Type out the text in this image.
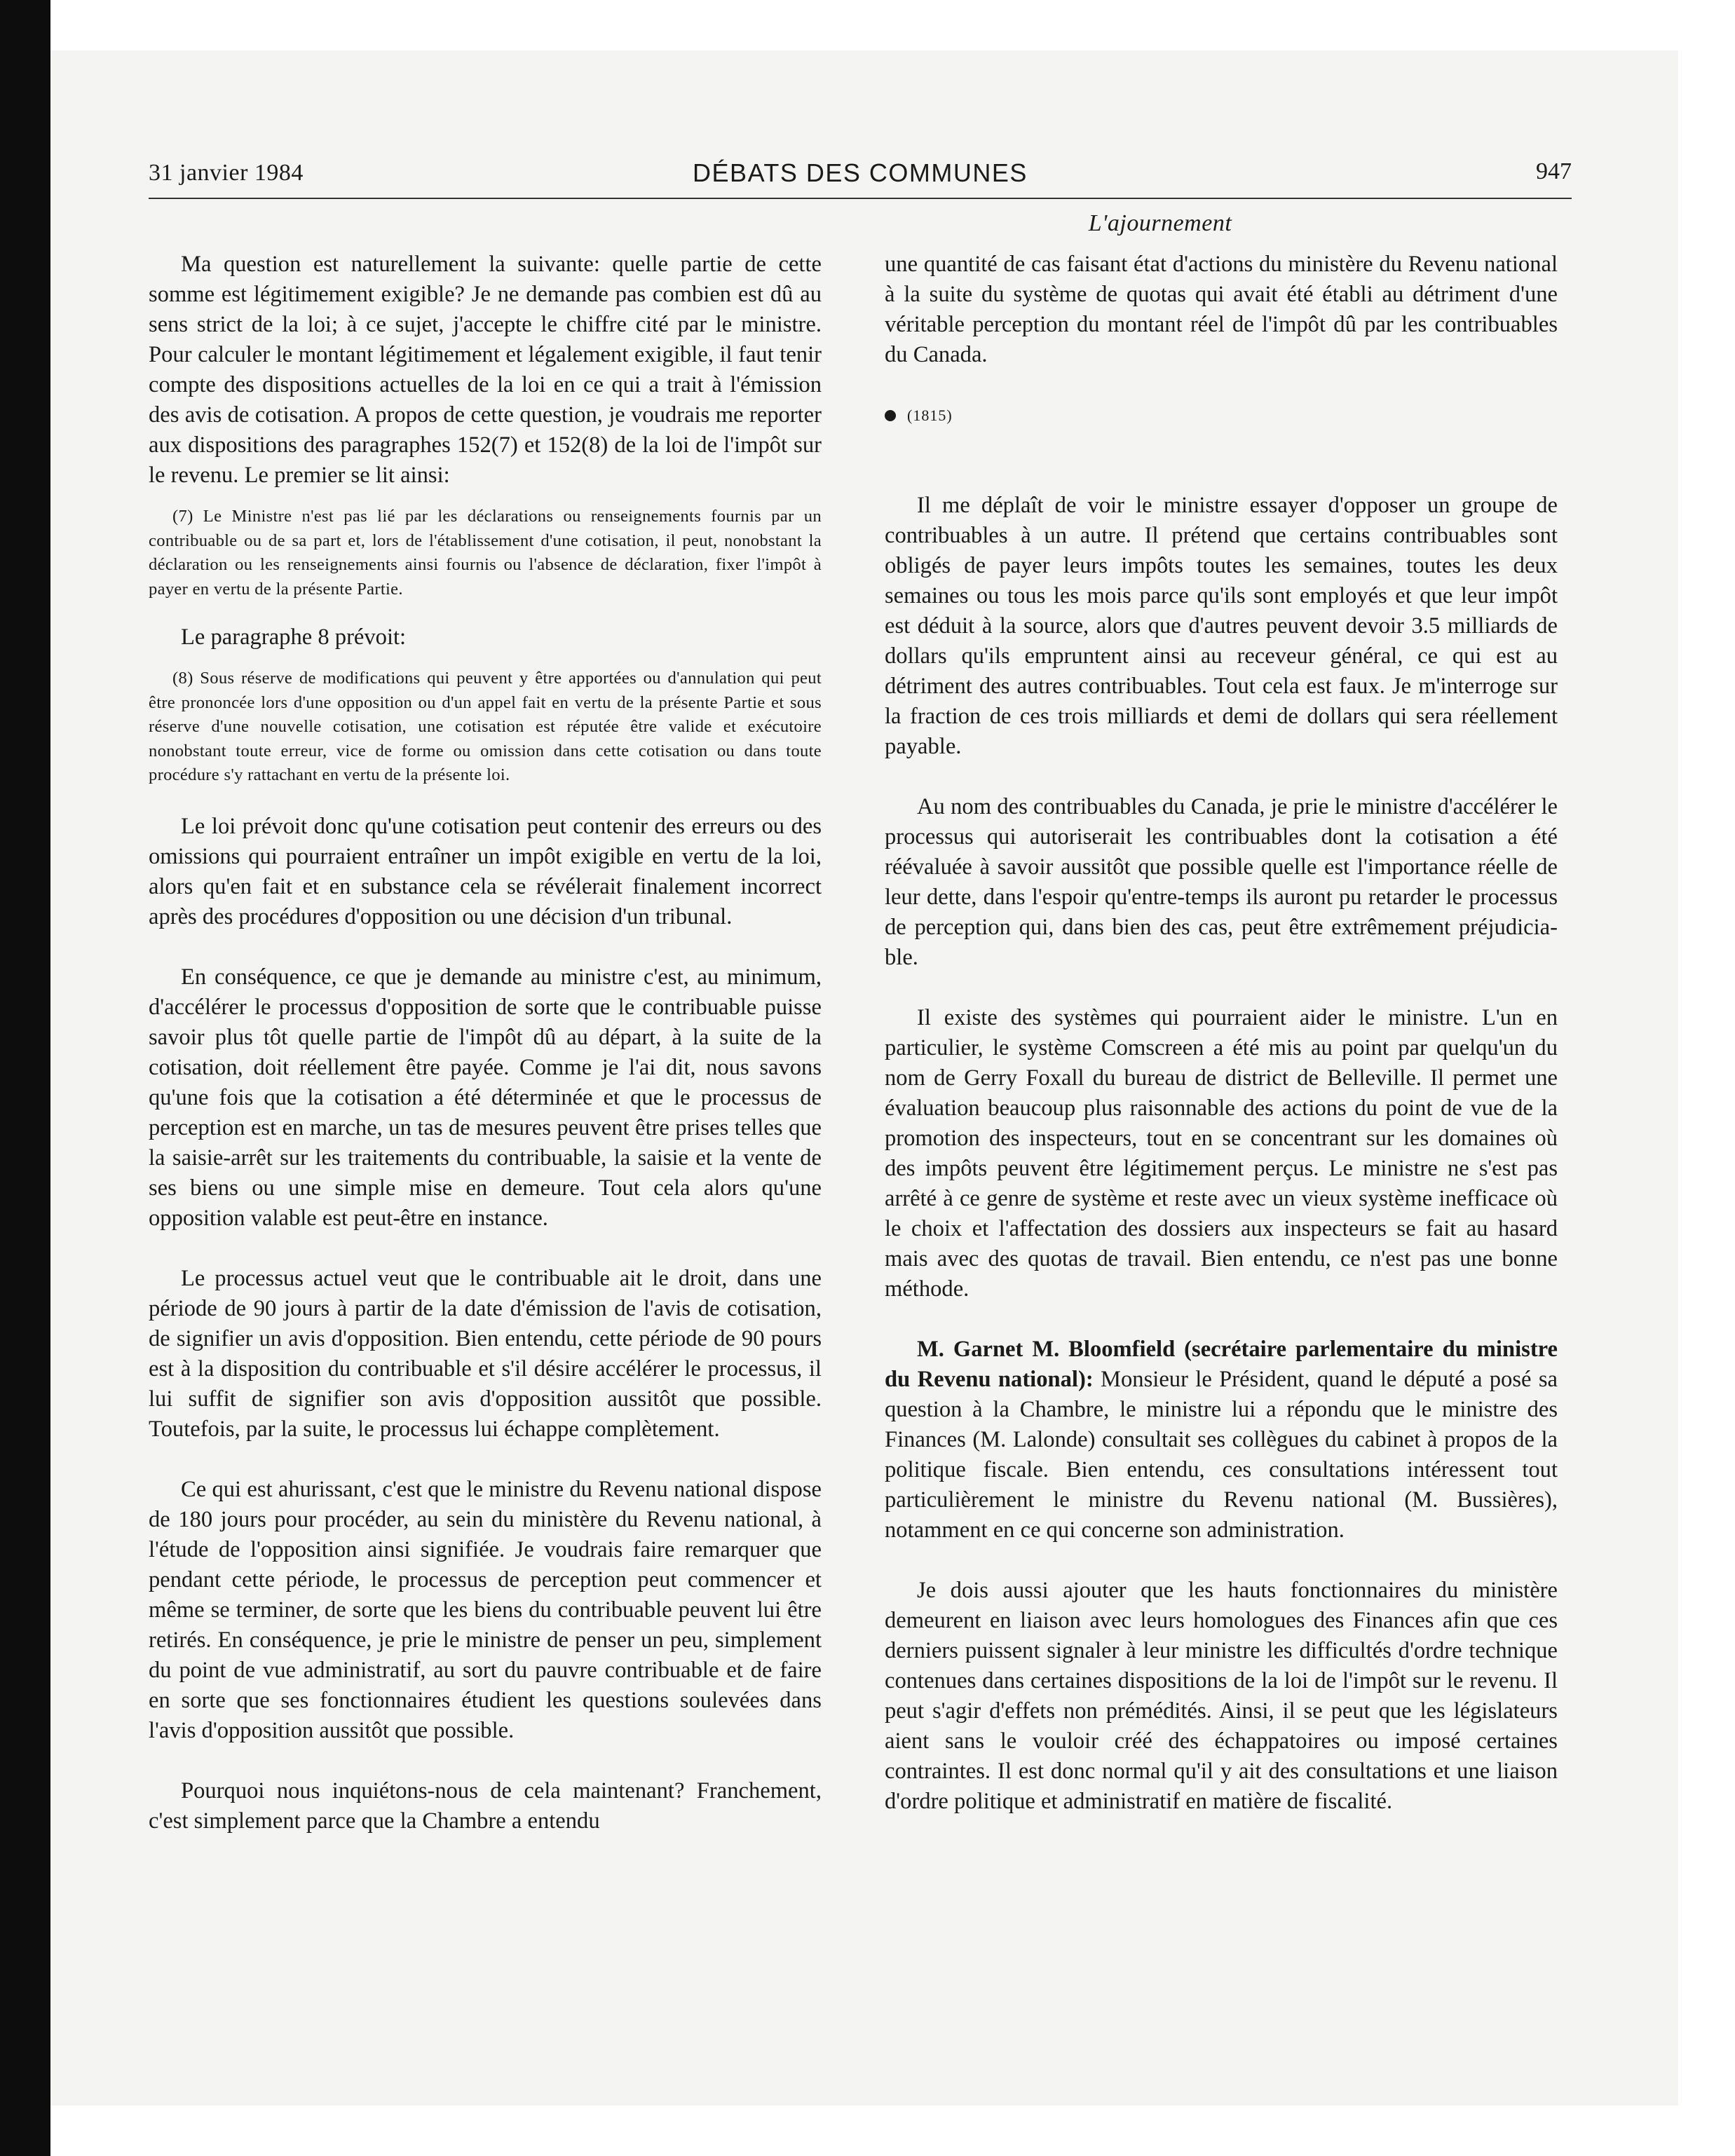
31 janvier 1984	DÉBATS DES COMMUNES	947
L'ajournement

Ma question est naturellement la suivante: quelle partie de cette somme est légitimement exigible? Je ne demande pas combien est dû au sens strict de la loi; à ce sujet, j'accepte le chiffre cité par le ministre. Pour calculer le montant légitimement et légalement exigible, il faut tenir compte des dispositions actuelles de la loi en ce qui a trait à l'émission des avis de cotisation. A propos de cette question, je voudrais me reporter aux dispositions des paragraphes 152(7) et 152(8) de la loi de l'impôt sur le revenu. Le premier se lit ainsi:

(7) Le Ministre n'est pas lié par les déclarations ou renseignements fournis par un contribuable ou de sa part et, lors de l'établissement d'une cotisation, il peut, nonobstant la déclaration ou les renseignements ainsi fournis ou l'absence de déclaration, fixer l'impôt à payer en vertu de la présente Partie.

Le paragraphe 8 prévoit:

(8) Sous réserve de modifications qui peuvent y être apportées ou d'annulation qui peut être prononcée lors d'une opposition ou d'un appel fait en vertu de la présente Partie et sous réserve d'une nouvelle cotisation, une cotisation est réputée être valide et exécutoire nonobstant toute erreur, vice de forme ou omission dans cette cotisation ou dans toute procédure s'y rattachant en vertu de la présente loi.

Le loi prévoit donc qu'une cotisation peut contenir des erreurs ou des omissions qui pourraient entraîner un impôt exigible en vertu de la loi, alors qu'en fait et en substance cela se révélerait finalement incorrect après des procédures d'opposition ou une décision d'un tribunal.

En conséquence, ce que je demande au ministre c'est, au minimum, d'accélérer le processus d'opposition de sorte que le contribuable puisse savoir plus tôt quelle partie de l'impôt dû au départ, à la suite de la cotisation, doit réellement être payée. Comme je l'ai dit, nous savons qu'une fois que la cotisation a été déterminée et que le processus de perception est en marche, un tas de mesures peuvent être prises telles que la saisie-arrêt sur les traitements du contribuable, la saisie et la vente de ses biens ou une simple mise en demeure. Tout cela alors qu'une opposition valable est peut-être en instance.

Le processus actuel veut que le contribuable ait le droit, dans une période de 90 jours à partir de la date d'émission de l'avis de cotisation, de signifier un avis d'opposition. Bien entendu, cette période de 90 pours est à la disposition du contribuable et s'il désire accélérer le processus, il lui suffit de signifier son avis d'opposition aussitôt que possible. Toutefois, par la suite, le processus lui échappe complètement.

Ce qui est ahurissant, c'est que le ministre du Revenu national dispose de 180 jours pour procéder, au sein du ministère du Revenu national, à l'étude de l'opposition ainsi signifiée. Je voudrais faire remarquer que pendant cette période, le processus de perception peut commencer et même se terminer, de sorte que les biens du contribuable peuvent lui être retirés. En conséquence, je prie le ministre de penser un peu, simplement du point de vue administratif, au sort du pauvre contribuable et de faire en sorte que ses fonctionnaires étudient les questions soulevées dans l'avis d'opposition aussitôt que possible.

Pourquoi nous inquiétons-nous de cela maintenant? Franchement, c'est simplement parce que la Chambre a entendu

une quantité de cas faisant état d'actions du ministère du Revenu national à la suite du système de quotas qui avait été établi au détriment d'une véritable perception du montant réel de l'impôt dû par les contribuables du Canada.

(1815)

Il me déplaît de voir le ministre essayer d'opposer un groupe de contribuables à un autre. Il prétend que certains contribuables sont obligés de payer leurs impôts toutes les semaines, toutes les deux semaines ou tous les mois parce qu'ils sont employés et que leur impôt est déduit à la source, alors que d'autres peuvent devoir 3.5 milliards de dollars qu'ils empruntent ainsi au receveur général, ce qui est au détriment des autres contribuables. Tout cela est faux. Je m'interroge sur la fraction de ces trois milliards et demi de dollars qui sera réellement payable.

Au nom des contribuables du Canada, je prie le ministre d'accélérer le processus qui autoriserait les contribuables dont la cotisation a été réévaluée à savoir aussitôt que possible quelle est l'importance réelle de leur dette, dans l'espoir qu'entre-temps ils auront pu retarder le processus de perception qui, dans bien des cas, peut être extrêmement préjudiciable.

Il existe des systèmes qui pourraient aider le ministre. L'un en particulier, le système Comscreen a été mis au point par quelqu'un du nom de Gerry Foxall du bureau de district de Belleville. Il permet une évaluation beaucoup plus raisonnable des actions du point de vue de la promotion des inspecteurs, tout en se concentrant sur les domaines où des impôts peuvent être légitimement perçus. Le ministre ne s'est pas arrêté à ce genre de système et reste avec un vieux système inefficace où le choix et l'affectation des dossiers aux inspecteurs se fait au hasard mais avec des quotas de travail. Bien entendu, ce n'est pas une bonne méthode.

M. Garnet M. Bloomfield (secrétaire parlementaire du ministre du Revenu national): Monsieur le Président, quand le député a posé sa question à la Chambre, le ministre lui a répondu que le ministre des Finances (M. Lalonde) consultait ses collègues du cabinet à propos de la politique fiscale. Bien entendu, ces consultations intéressent tout particulièrement le ministre du Revenu national (M. Bussières), notamment en ce qui concerne son administration.

Je dois aussi ajouter que les hauts fonctionnaires du ministère demeurent en liaison avec leurs homologues des Finances afin que ces derniers puissent signaler à leur ministre les difficultés d'ordre technique contenues dans certaines dispositions de la loi de l'impôt sur le revenu. Il peut s'agir d'effets non prémédités. Ainsi, il se peut que les législateurs aient sans le vouloir créé des échappatoires ou imposé certaines contraintes. Il est donc normal qu'il y ait des consultations et une liaison d'ordre politique et administratif en matière de fiscalité.
